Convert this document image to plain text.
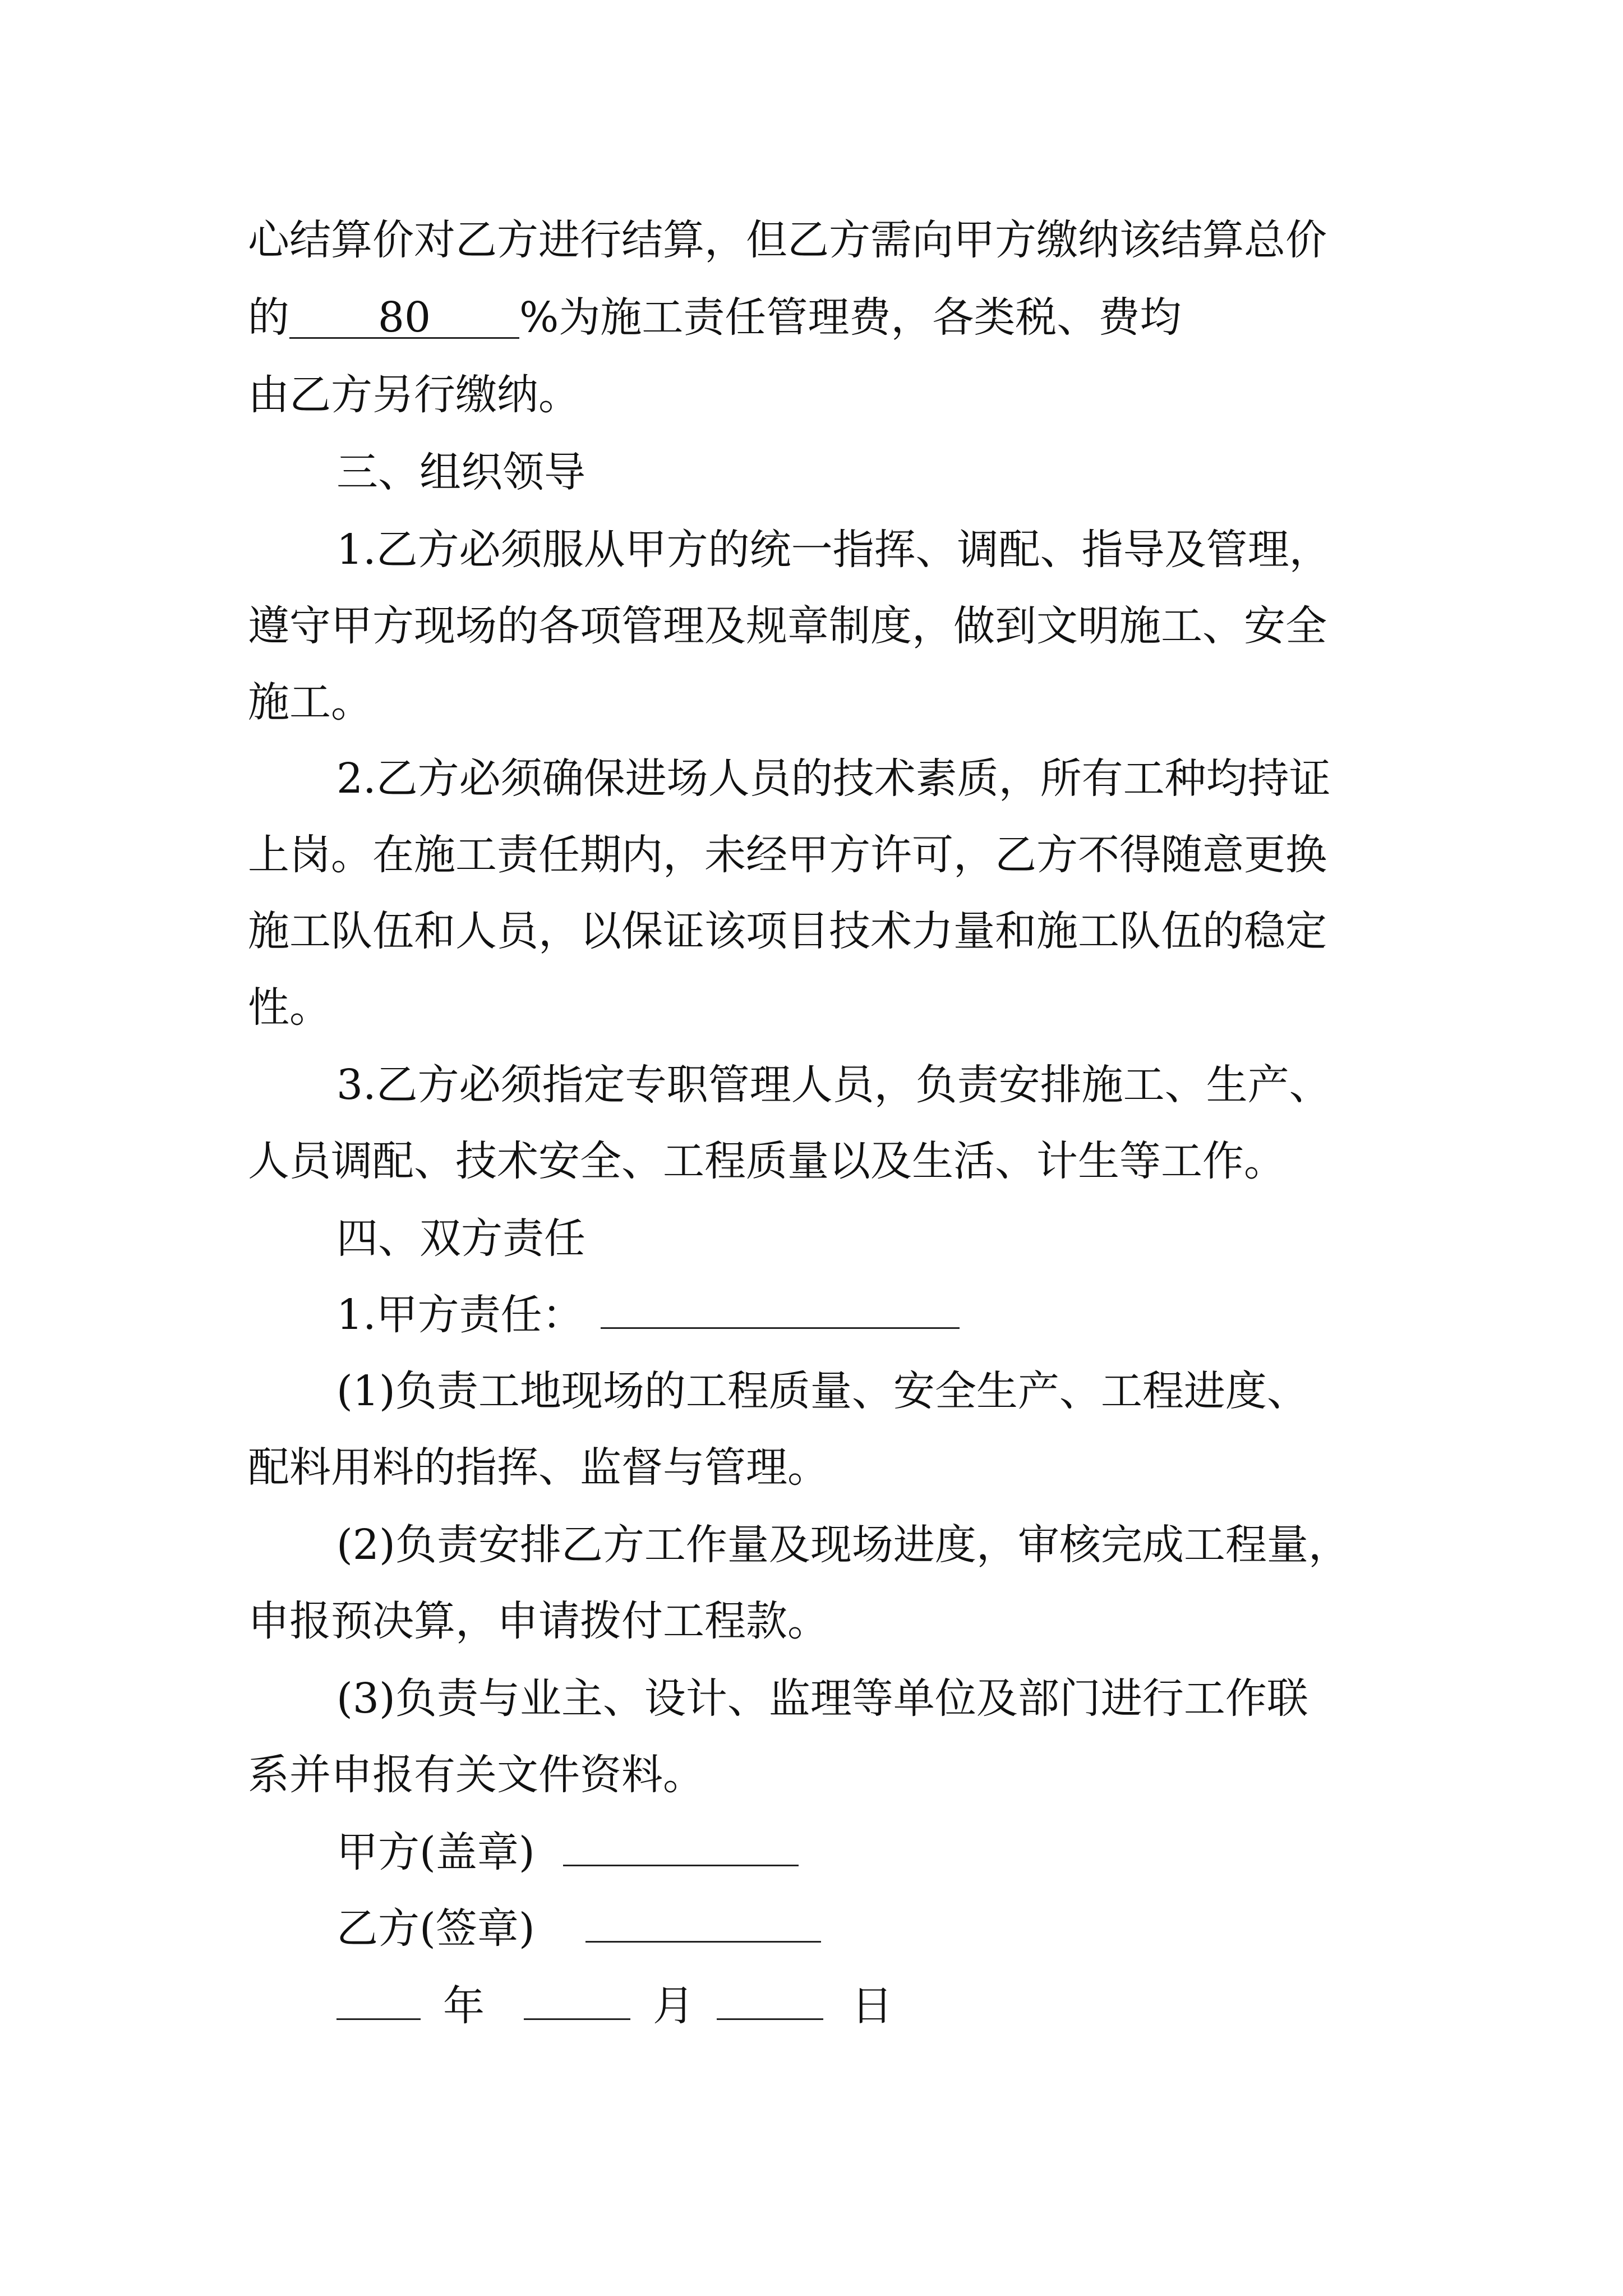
心结算价对乙方进行结算，但乙方需向甲方缴纳该结算总价
的 80 %为施工责任管理费，各类税、费均
由乙方另行缴纳。
三、组织领导
1.乙方必须服从甲方的统一指挥、调配、指导及管理，
遵守甲方现场的各项管理及规章制度，做到文明施工、安全
施工。
2.乙方必须确保进场人员的技术素质，所有工种均持证
上岗。在施工责任期内，未经甲方许可，乙方不得随意更换
施工队伍和人员，以保证该项目技术力量和施工队伍的稳定
性。
3.乙方必须指定专职管理人员，负责安排施工、生产、
人员调配、技术安全、工程质量以及生活、计生等工作。
四、双方责任
1.甲方责任：
(1)负责工地现场的工程质量、安全生产、工程进度、
配料用料的指挥、监督与管理。
(2)负责安排乙方工作量及现场进度，审核完成工程量，
申报预决算，申请拨付工程款。
(3)负责与业主、设计、监理等单位及部门进行工作联
系并申报有关文件资料。
甲方(盖章)
乙方(签章)
年	月	日
